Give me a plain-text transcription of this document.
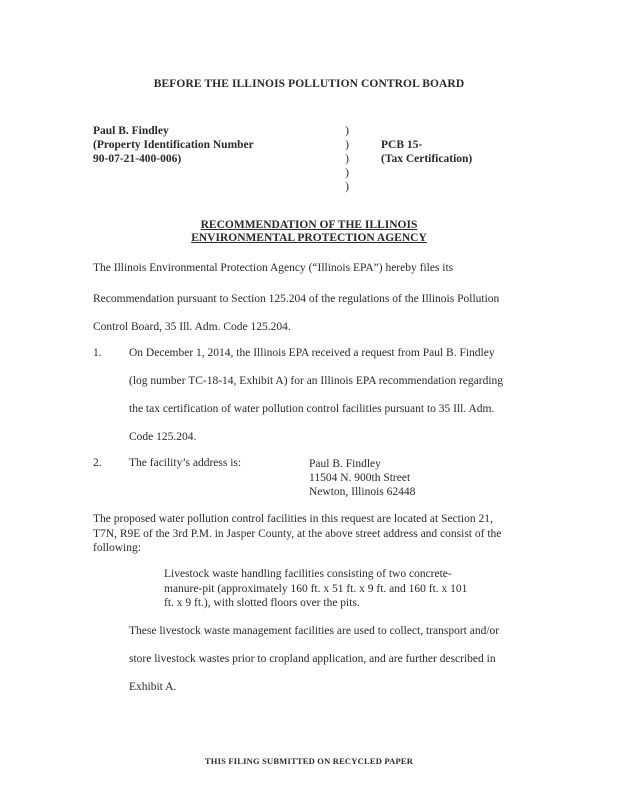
BEFORE THE ILLINOIS POLLUTION CONTROL BOARD
Paul B. Findley
(Property Identification Number
90-07-21-400-006)
)
)
)
)
)
PCB 15-
(Tax Certification)
RECOMMENDATION OF THE ILLINOIS
ENVIRONMENTAL PROTECTION AGENCY
The Illinois Environmental Protection Agency (“Illinois EPA”) hereby files its
Recommendation pursuant to Section 125.204 of the regulations of the Illinois Pollution
Control Board, 35 Ill. Adm. Code 125.204.
1. On December 1, 2014, the Illinois EPA received a request from Paul B. Findley
(log number TC-18-14, Exhibit A) for an Illinois EPA recommendation regarding
the tax certification of water pollution control facilities pursuant to 35 Ill. Adm.
Code 125.204.
2. The facility’s address is:	Paul B. Findley
11504 N. 900th Street
Newton, Illinois 62448
The proposed water pollution control facilities in this request are located at Section 21,
T7N, R9E of the 3rd P.M. in Jasper County, at the above street address and consist of the
following:
Livestock waste handling facilities consisting of two concrete-
manure-pit (approximately 160 ft. x 51 ft. x 9 ft. and 160 ft. x 101
ft. x 9 ft.), with slotted floors over the pits.
These livestock waste management facilities are used to collect, transport and/or
store livestock wastes prior to cropland application, and are further described in
Exhibit A.
THIS FILING SUBMITTED ON RECYCLED PAPER
